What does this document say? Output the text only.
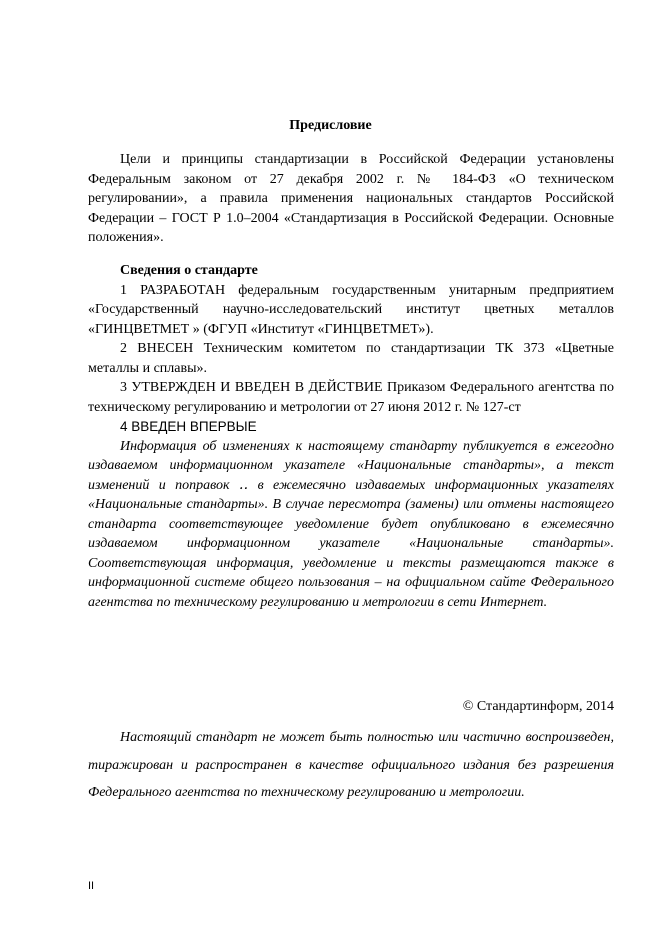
Предисловие

Цели и принципы стандартизации в Российской Федерации установлены Федеральным законом от 27 декабря 2002 г. № 184-ФЗ «О техническом регулировании», а правила применения национальных стандартов Российской Федерации – ГОСТ Р 1.0–2004 «Стандартизация в Российской Федерации. Основные положения».

Сведения о стандарте

1 РАЗРАБОТАН федеральным государственным унитарным предприятием «Государственный научно-исследовательский институт цветных металлов «ГИНЦВЕТМЕТ » (ФГУП «Институт «ГИНЦВЕТМЕТ»).

2 ВНЕСЕН Техническим комитетом по стандартизации ТК 373 «Цветные металлы и сплавы».

3 УТВЕРЖДЕН И ВВЕДЕН В ДЕЙСТВИЕ Приказом Федерального агентства по техническому регулированию и метрологии от 27 июня 2012 г. № 127-ст

4 ВВЕДЕН ВПЕРВЫЕ

Информация об изменениях к настоящему стандарту публикуется в ежегодно издаваемом информационном указателе «Национальные стандарты», а текст изменений и поправок ‥ в ежемесячно издаваемых информационных указателях «Национальные стандарты». В случае пересмотра (замены) или отмены настоящего стандарта соответствующее уведомление будет опубликовано в ежемесячно издаваемом информационном указателе «Национальные стандарты». Соответствующая информация, уведомление и тексты размещаются также в информационной системе общего пользования – на официальном сайте Федерального агентства по техническому регулированию и метрологии в сети Интернет.

© Стандартинформ, 2014

Настоящий стандарт не может быть полностью или частично воспроизведен, тиражирован и распространен в качестве официального издания без разрешения Федерального агентства по техническому регулированию и метрологии.

II
